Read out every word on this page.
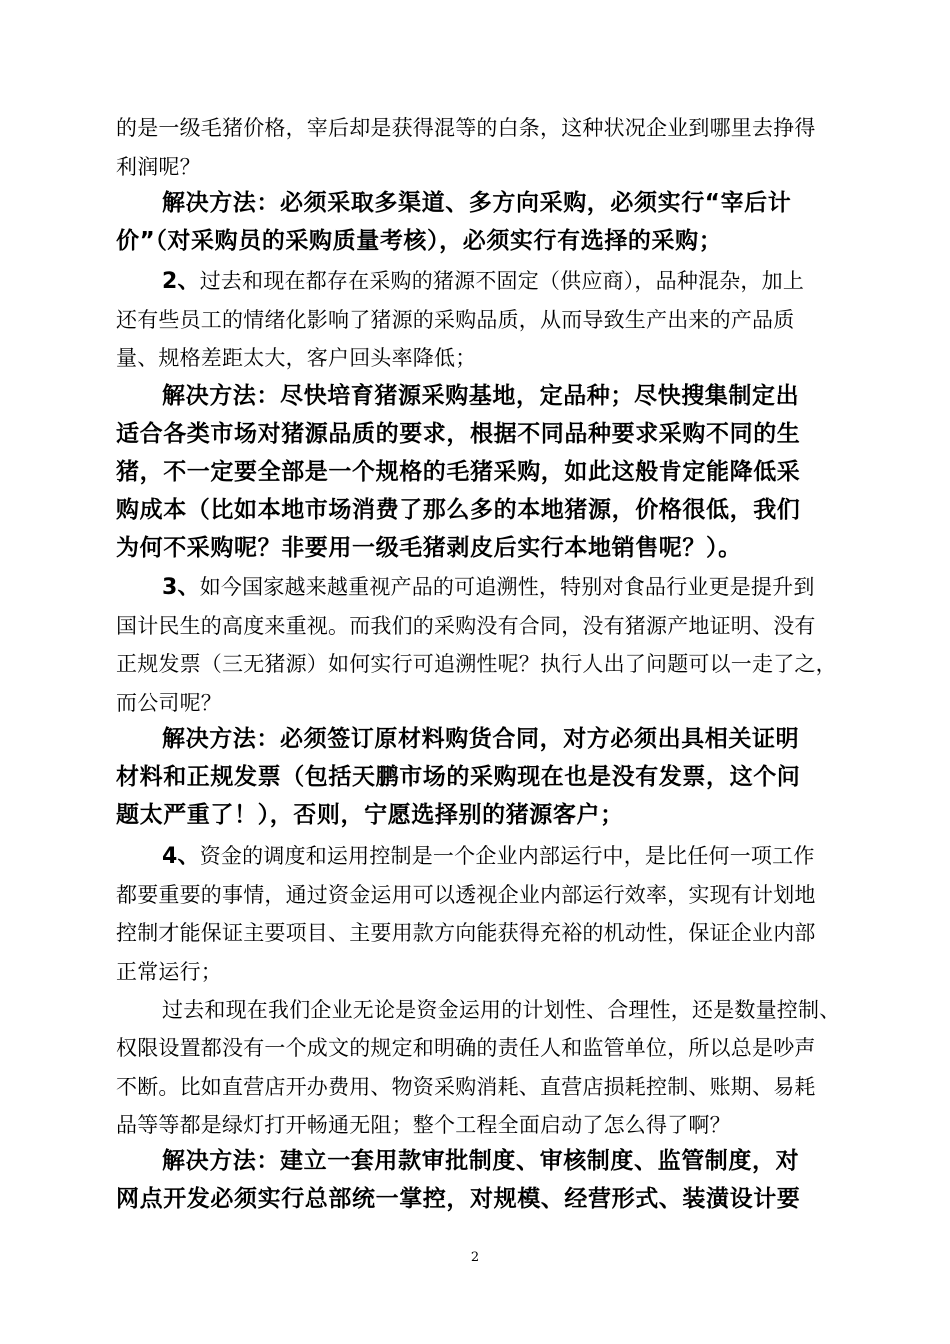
的是一级毛猪价格，宰后却是获得混等的白条，这种状况企业到哪里去挣得
利润呢？
解决方法：必须采取多渠道、多方向采购，必须实行“宰后计
价”（对采购员的采购质量考核），必须实行有选择的采购；
2、过去和现在都存在采购的猪源不固定（供应商），品种混杂，加上
还有些员工的情绪化影响了猪源的采购品质，从而导致生产出来的产品质
量、规格差距太大，客户回头率降低；
解决方法：尽快培育猪源采购基地，定品种；尽快搜集制定出
适合各类市场对猪源品质的要求，根据不同品种要求采购不同的生
猪，不一定要全部是一个规格的毛猪采购，如此这般肯定能降低采
购成本（比如本地市场消费了那么多的本地猪源，价格很低，我们
为何不采购呢？非要用一级毛猪剥皮后实行本地销售呢？）。
3、如今国家越来越重视产品的可追溯性，特别对食品行业更是提升到
国计民生的高度来重视。而我们的采购没有合同，没有猪源产地证明、没有
正规发票（三无猪源）如何实行可追溯性呢？执行人出了问题可以一走了之，
而公司呢？
解决方法：必须签订原材料购货合同，对方必须出具相关证明
材料和正规发票（包括天鹏市场的采购现在也是没有发票，这个问
题太严重了！），否则，宁愿选择别的猪源客户；
4、资金的调度和运用控制是一个企业内部运行中，是比任何一项工作
都要重要的事情，通过资金运用可以透视企业内部运行效率，实现有计划地
控制才能保证主要项目、主要用款方向能获得充裕的机动性，保证企业内部
正常运行；
过去和现在我们企业无论是资金运用的计划性、合理性，还是数量控制、
权限设置都没有一个成文的规定和明确的责任人和监管单位，所以总是吵声
不断。比如直营店开办费用、物资采购消耗、直营店损耗控制、账期、易耗
品等等都是绿灯打开畅通无阻；整个工程全面启动了怎么得了啊？
解决方法：建立一套用款审批制度、审核制度、监管制度，对
网点开发必须实行总部统一掌控，对规模、经营形式、装潢设计要
2
